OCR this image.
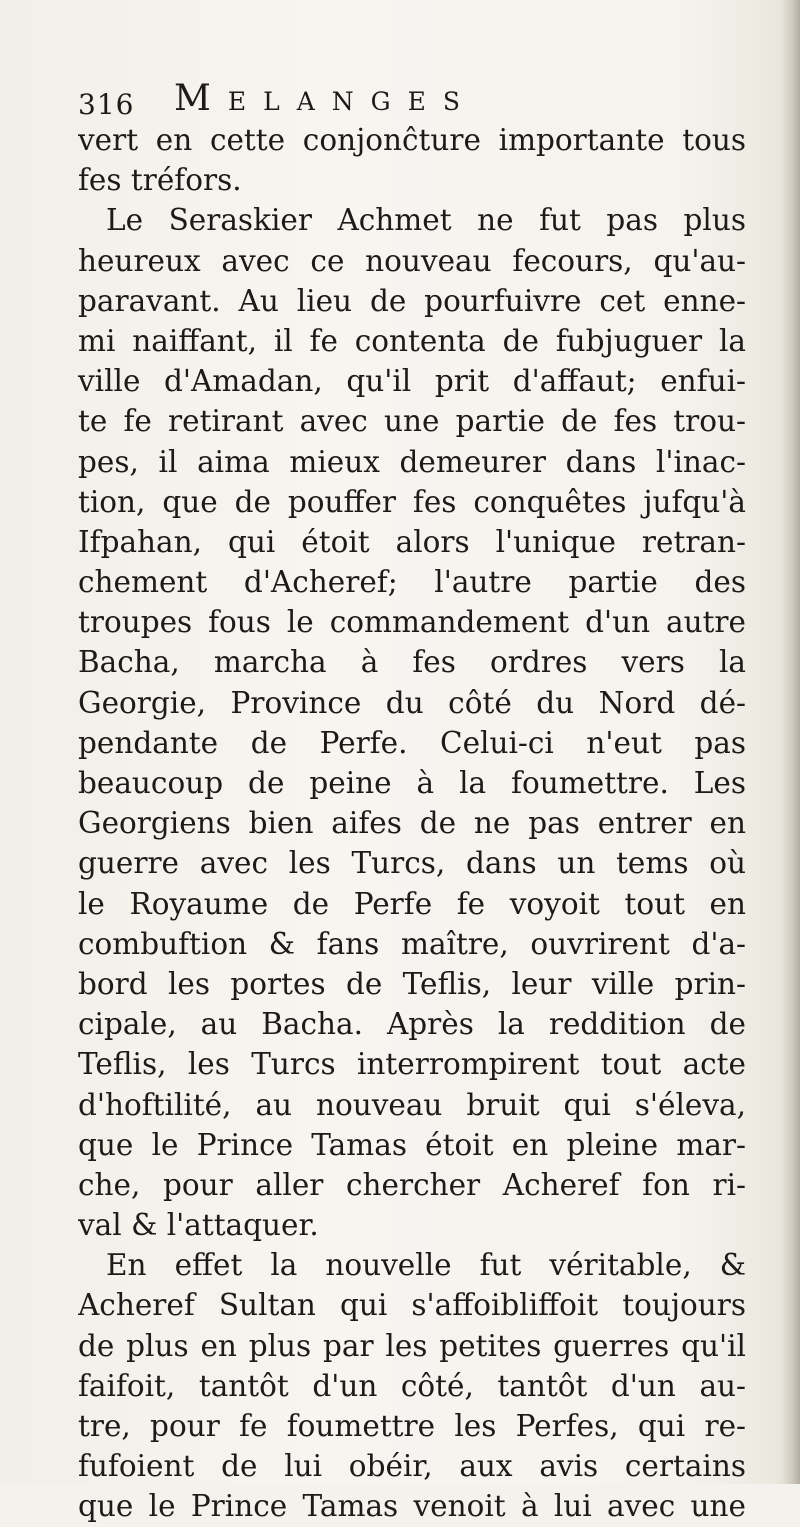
316 Melanges
vert en cette conjonĉture importante tous
fes tréfors.
Le Seraskier Achmet ne fut pas plus
heureux avec ce nouveau fecours, qu'au-
paravant. Au lieu de pourfuivre cet enne-
mi naiffant, il fe contenta de fubjuguer la
ville d'Amadan, qu'il prit d'affaut; enfui-
te fe retirant avec une partie de fes trou-
pes, il aima mieux demeurer dans l'inac-
tion, que de pouffer fes conquêtes jufqu'à
Ifpahan, qui étoit alors l'unique retran-
chement d'Acheref; l'autre partie des
troupes fous le commandement d'un autre
Bacha, marcha à fes ordres vers la
Georgie, Province du côté du Nord dé-
pendante de Perfe. Celui-ci n'eut pas
beaucoup de peine à la foumettre. Les
Georgiens bien aifes de ne pas entrer en
guerre avec les Turcs, dans un tems où
le Royaume de Perfe fe voyoit tout en
combuftion & fans maître, ouvrirent d'a-
bord les portes de Teflis, leur ville prin-
cipale, au Bacha. Après la reddition de
Teflis, les Turcs interrompirent tout acte
d'hoftilité, au nouveau bruit qui s'éleva,
que le Prince Tamas étoit en pleine mar-
che, pour aller chercher Acheref fon ri-
val & l'attaquer.
En effet la nouvelle fut véritable, &
Acheref Sultan qui s'affoibliffoit toujours
de plus en plus par les petites guerres qu'il
faifoit, tantôt d'un côté, tantôt d'un au-
tre, pour fe foumettre les Perfes, qui re-
fufoient de lui obéir, aux avis certains
que le Prince Tamas venoit à lui avec une
